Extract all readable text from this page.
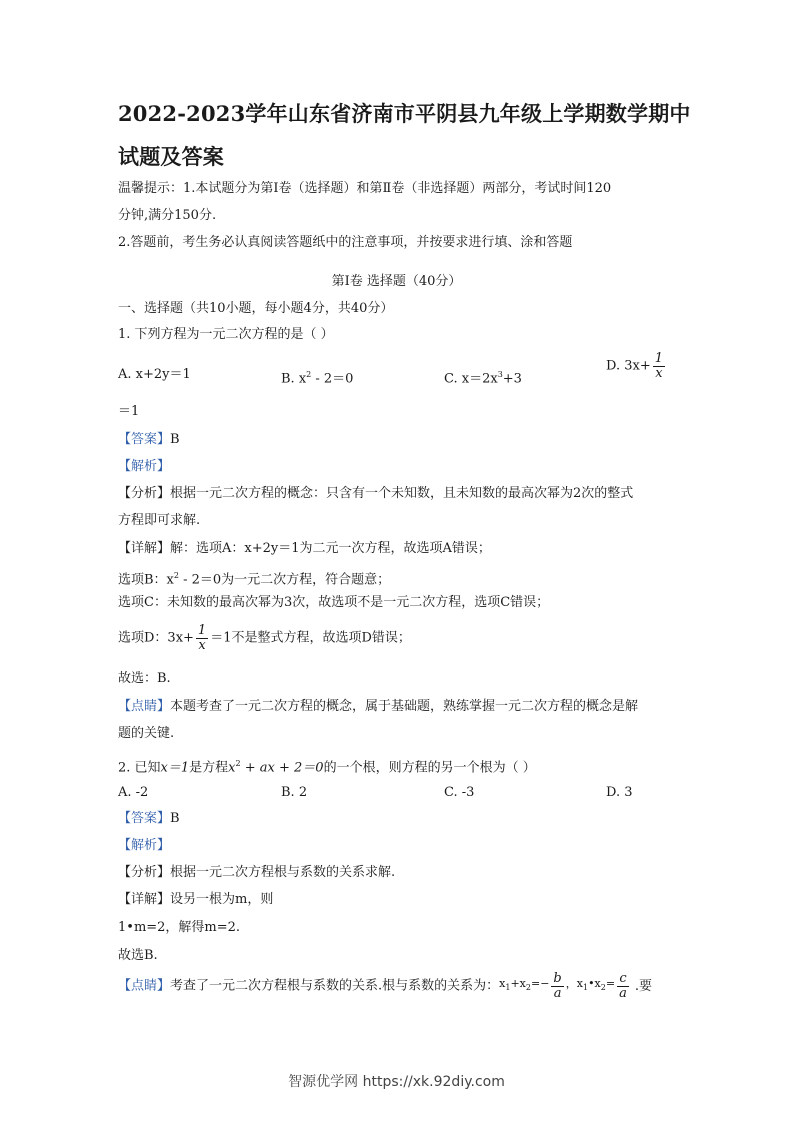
2022-2023学年山东省济南市平阴县九年级上学期数学期中
试题及答案
温馨提示：1.本试题分为第Ⅰ卷（选择题）和第Ⅱ卷（非选择题）两部分，考试时间120
分钟,满分150分.
2.答题前，考生务必认真阅读答题纸中的注意事项，并按要求进行填、涂和答题
第Ⅰ卷 选择题（40分）
一、选择题（共10小题，每小题4分，共40分）
1. 下列方程为一元二次方程的是（ ）
A. x+2y＝1	B. $x^2 - 2=0$	C. $x=2x^3+3$
D. $3x+ \frac{1}{x}$
＝1
【答案】B
【解析】
【分析】根据一元二次方程的概念：只含有一个未知数，且未知数的最高次幂为2次的整式
方程即可求解.
【详解】解：选项A：x+2y＝1为二元一次方程，故选项A错误；
选项B：$x^2 - 2=0$为一元二次方程，符合题意；
选项C：未知数的最高次幂为3次，故选项不是一元二次方程，选项C错误；
选项D：$3x+ \frac{1}{x} =1$不是整式方程，故选项D错误；
故选：B.
【点睛】本题考查了一元二次方程的概念，属于基础题，熟练掌握一元二次方程的概念是解
题的关键.
2. 已知x＝1是方程$x^2$ + ax + 2＝0的一个根，则方程的另一个根为（ ）
A. -2	B. 2	C. -3	D. 3
【答案】B
【解析】
【分析】根据一元二次方程根与系数的关系求解.
【详解】设另一根为m，则
1•m=2，解得m=2.
故选B.
【点睛】考查了一元二次方程根与系数的关系.根与系数的关系为：$x_1+x_2=- \frac{b}{a}$ ，$x_1•x_2= \frac{c}{a}$ .要
智源优学网 https://xk.92diy.com
